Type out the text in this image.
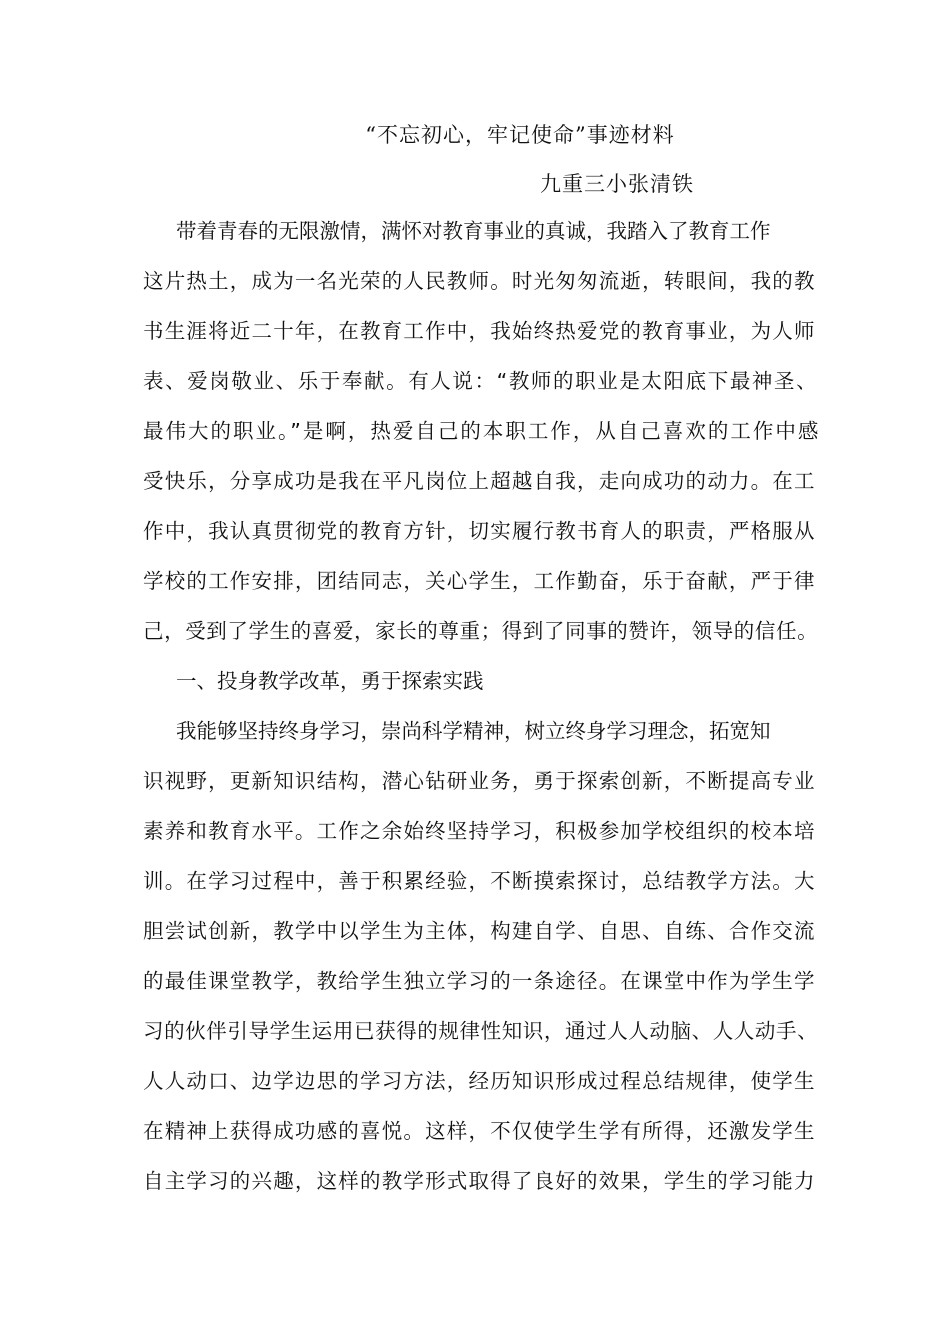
“不忘初心，牢记使命”事迹材料
九重三小张清铁
带着青春的无限激情，满怀对教育事业的真诚，我踏入了教育工作
这片热土，成为一名光荣的人民教师。时光匆匆流逝，转眼间，我的教
书生涯将近二十年，在教育工作中，我始终热爱党的教育事业，为人师
表、爱岗敬业、乐于奉献。有人说：“教师的职业是太阳底下最神圣、
最伟大的职业。”是啊，热爱自己的本职工作，从自己喜欢的工作中感
受快乐，分享成功是我在平凡岗位上超越自我，走向成功的动力。在工
作中，我认真贯彻党的教育方针，切实履行教书育人的职责，严格服从
学校的工作安排，团结同志，关心学生，工作勤奋，乐于奋献，严于律
己，受到了学生的喜爱，家长的尊重；得到了同事的赞许，领导的信任。
一、投身教学改革，勇于探索实践
我能够坚持终身学习，崇尚科学精神，树立终身学习理念，拓宽知
识视野，更新知识结构，潜心钻研业务，勇于探索创新，不断提高专业
素养和教育水平。工作之余始终坚持学习，积极参加学校组织的校本培
训。在学习过程中，善于积累经验，不断摸索探讨，总结教学方法。大
胆尝试创新，教学中以学生为主体，构建自学、自思、自练、合作交流
的最佳课堂教学，教给学生独立学习的一条途径。在课堂中作为学生学
习的伙伴引导学生运用已获得的规律性知识，通过人人动脑、人人动手、
人人动口、边学边思的学习方法，经历知识形成过程总结规律，使学生
在精神上获得成功感的喜悦。这样，不仅使学生学有所得，还激发学生
自主学习的兴趣，这样的教学形式取得了良好的效果，学生的学习能力
